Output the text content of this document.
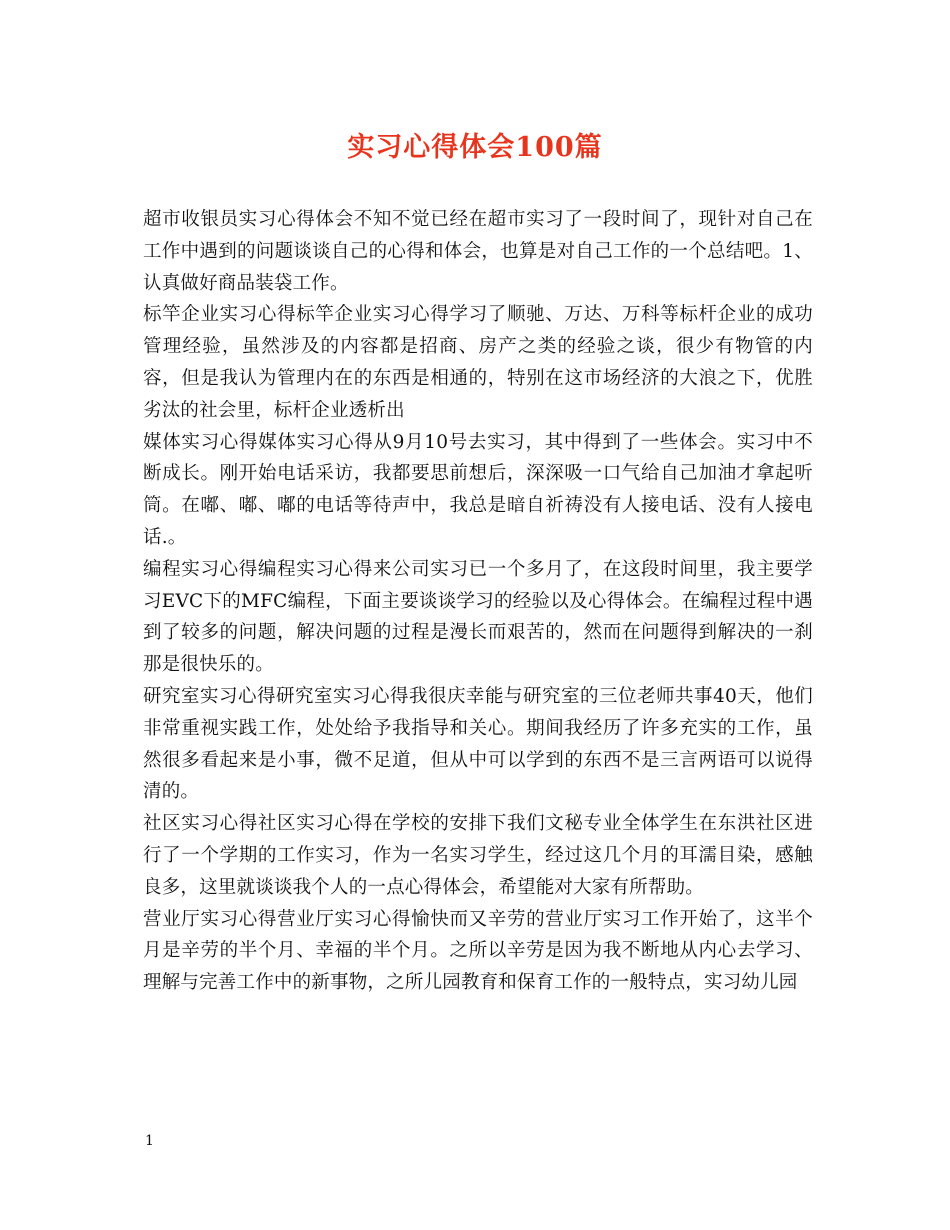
实习心得体会100篇

超市收银员实习心得体会不知不觉已经在超市实习了一段时间了，现针对自己在工作中遇到的问题谈谈自己的心得和体会，也算是对自己工作的一个总结吧。1、认真做好商品装袋工作。

标竿企业实习心得标竿企业实习心得学习了顺驰、万达、万科等标杆企业的成功管理经验，虽然涉及的内容都是招商、房产之类的经验之谈，很少有物管的内容，但是我认为管理内在的东西是相通的，特别在这市场经济的大浪之下，优胜劣汰的社会里，标杆企业透析出

媒体实习心得媒体实习心得从9月10号去实习，其中得到了一些体会。实习中不断成长。刚开始电话采访，我都要思前想后，深深吸一口气给自己加油才拿起听筒。在嘟、嘟、嘟的电话等待声中，我总是暗自祈祷没有人接电话、没有人接电话.。

编程实习心得编程实习心得来公司实习已一个多月了，在这段时间里，我主要学习EVC下的MFC编程，下面主要谈谈学习的经验以及心得体会。在编程过程中遇到了较多的问题，解决问题的过程是漫长而艰苦的，然而在问题得到解决的一刹那是很快乐的。

研究室实习心得研究室实习心得我很庆幸能与研究室的三位老师共事40天，他们非常重视实践工作，处处给予我指导和关心。期间我经历了许多充实的工作，虽然很多看起来是小事，微不足道，但从中可以学到的东西不是三言两语可以说得清的。

社区实习心得社区实习心得在学校的安排下我们文秘专业全体学生在东洪社区进行了一个学期的工作实习，作为一名实习学生，经过这几个月的耳濡目染，感触良多，这里就谈谈我个人的一点心得体会，希望能对大家有所帮助。

营业厅实习心得营业厅实习心得愉快而又辛劳的营业厅实习工作开始了，这半个月是辛劳的半个月、幸福的半个月。之所以辛劳是因为我不断地从内心去学习、理解与完善工作中的新事物，之所儿园教育和保育工作的一般特点，实习幼儿园

1
